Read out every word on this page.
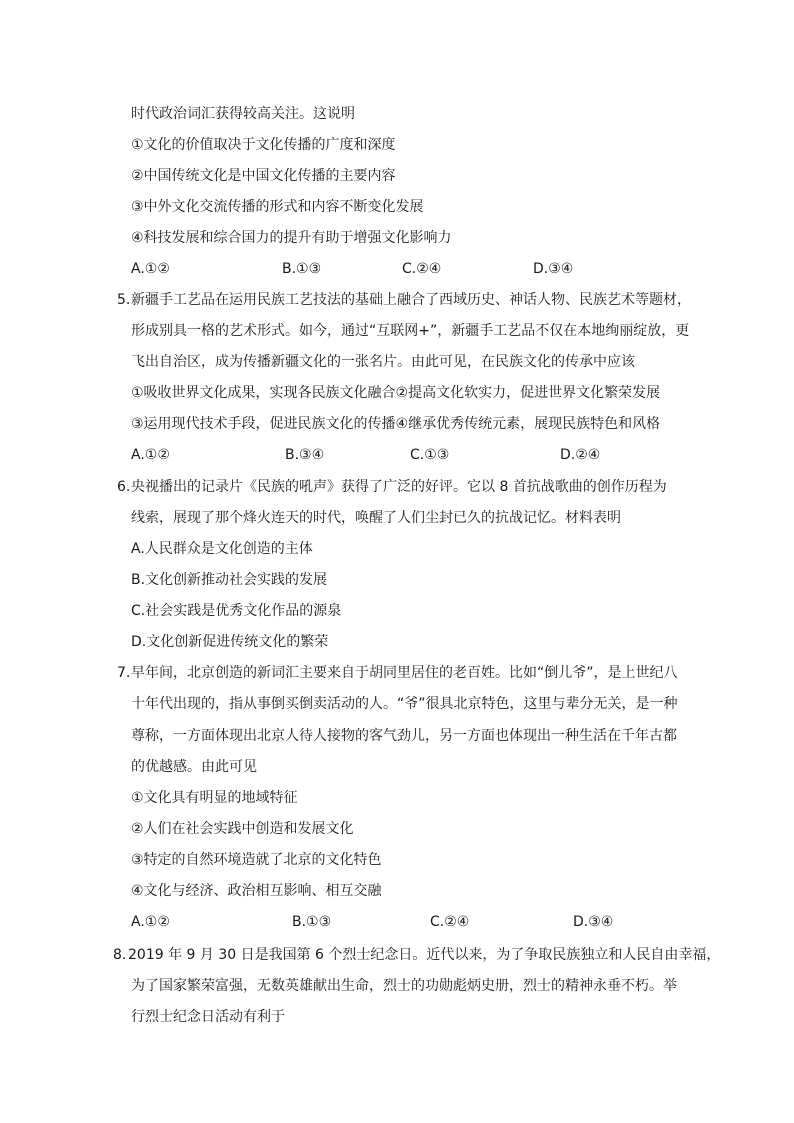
时代政治词汇获得较高关注。这说明
①文化的价值取决于文化传播的广度和深度
②中国传统文化是中国文化传播的主要内容
③中外文化交流传播的形式和内容不断变化发展
④科技发展和综合国力的提升有助于增强文化影响力
A.①②	B.①③	C.②④	D.③④
5. 新疆手工艺品在运用民族工艺技法的基础上融合了西域历史、神话人物、民族艺术等题材，
形成别具一格的艺术形式。如今，通过“互联网+”，新疆手工艺品不仅在本地绚丽绽放，更
飞出自治区，成为传播新疆文化的一张名片。由此可见，在民族文化的传承中应该
①吸收世界文化成果，实现各民族文化融合②提高文化软实力，促进世界文化繁荣发展
③运用现代技术手段，促进民族文化的传播④继承优秀传统元素，展现民族特色和风格
A.①②	B.③④	C.①③	D.②④
6. 央视播出的记录片《民族的吼声》获得了广泛的好评。它以 8 首抗战歌曲的创作历程为
线索，展现了那个烽火连天的时代，唤醒了人们尘封已久的抗战记忆。材料表明
A.人民群众是文化创造的主体
B.文化创新推动社会实践的发展
C.社会实践是优秀文化作品的源泉
D.文化创新促进传统文化的繁荣
7. 早年间，北京创造的新词汇主要来自于胡同里居住的老百姓。比如“倒儿爷”，是上世纪八
十年代出现的，指从事倒买倒卖活动的人。“爷”很具北京特色，这里与辈分无关，是一种
尊称，一方面体现出北京人待人接物的客气劲儿，另一方面也体现出一种生活在千年古都
的优越感。由此可见
①文化具有明显的地域特征
②人们在社会实践中创造和发展文化
③特定的自然环境造就了北京的文化特色
④文化与经济、政治相互影响、相互交融
A.①②	B.①③	C.②④	D.③④
8. 2019 年 9 月 30 日是我国第 6 个烈士纪念日。近代以来，为了争取民族独立和人民自由幸福，
为了国家繁荣富强，无数英雄献出生命，烈士的功勋彪炳史册，烈士的精神永垂不朽。举
行烈士纪念日活动有利于
